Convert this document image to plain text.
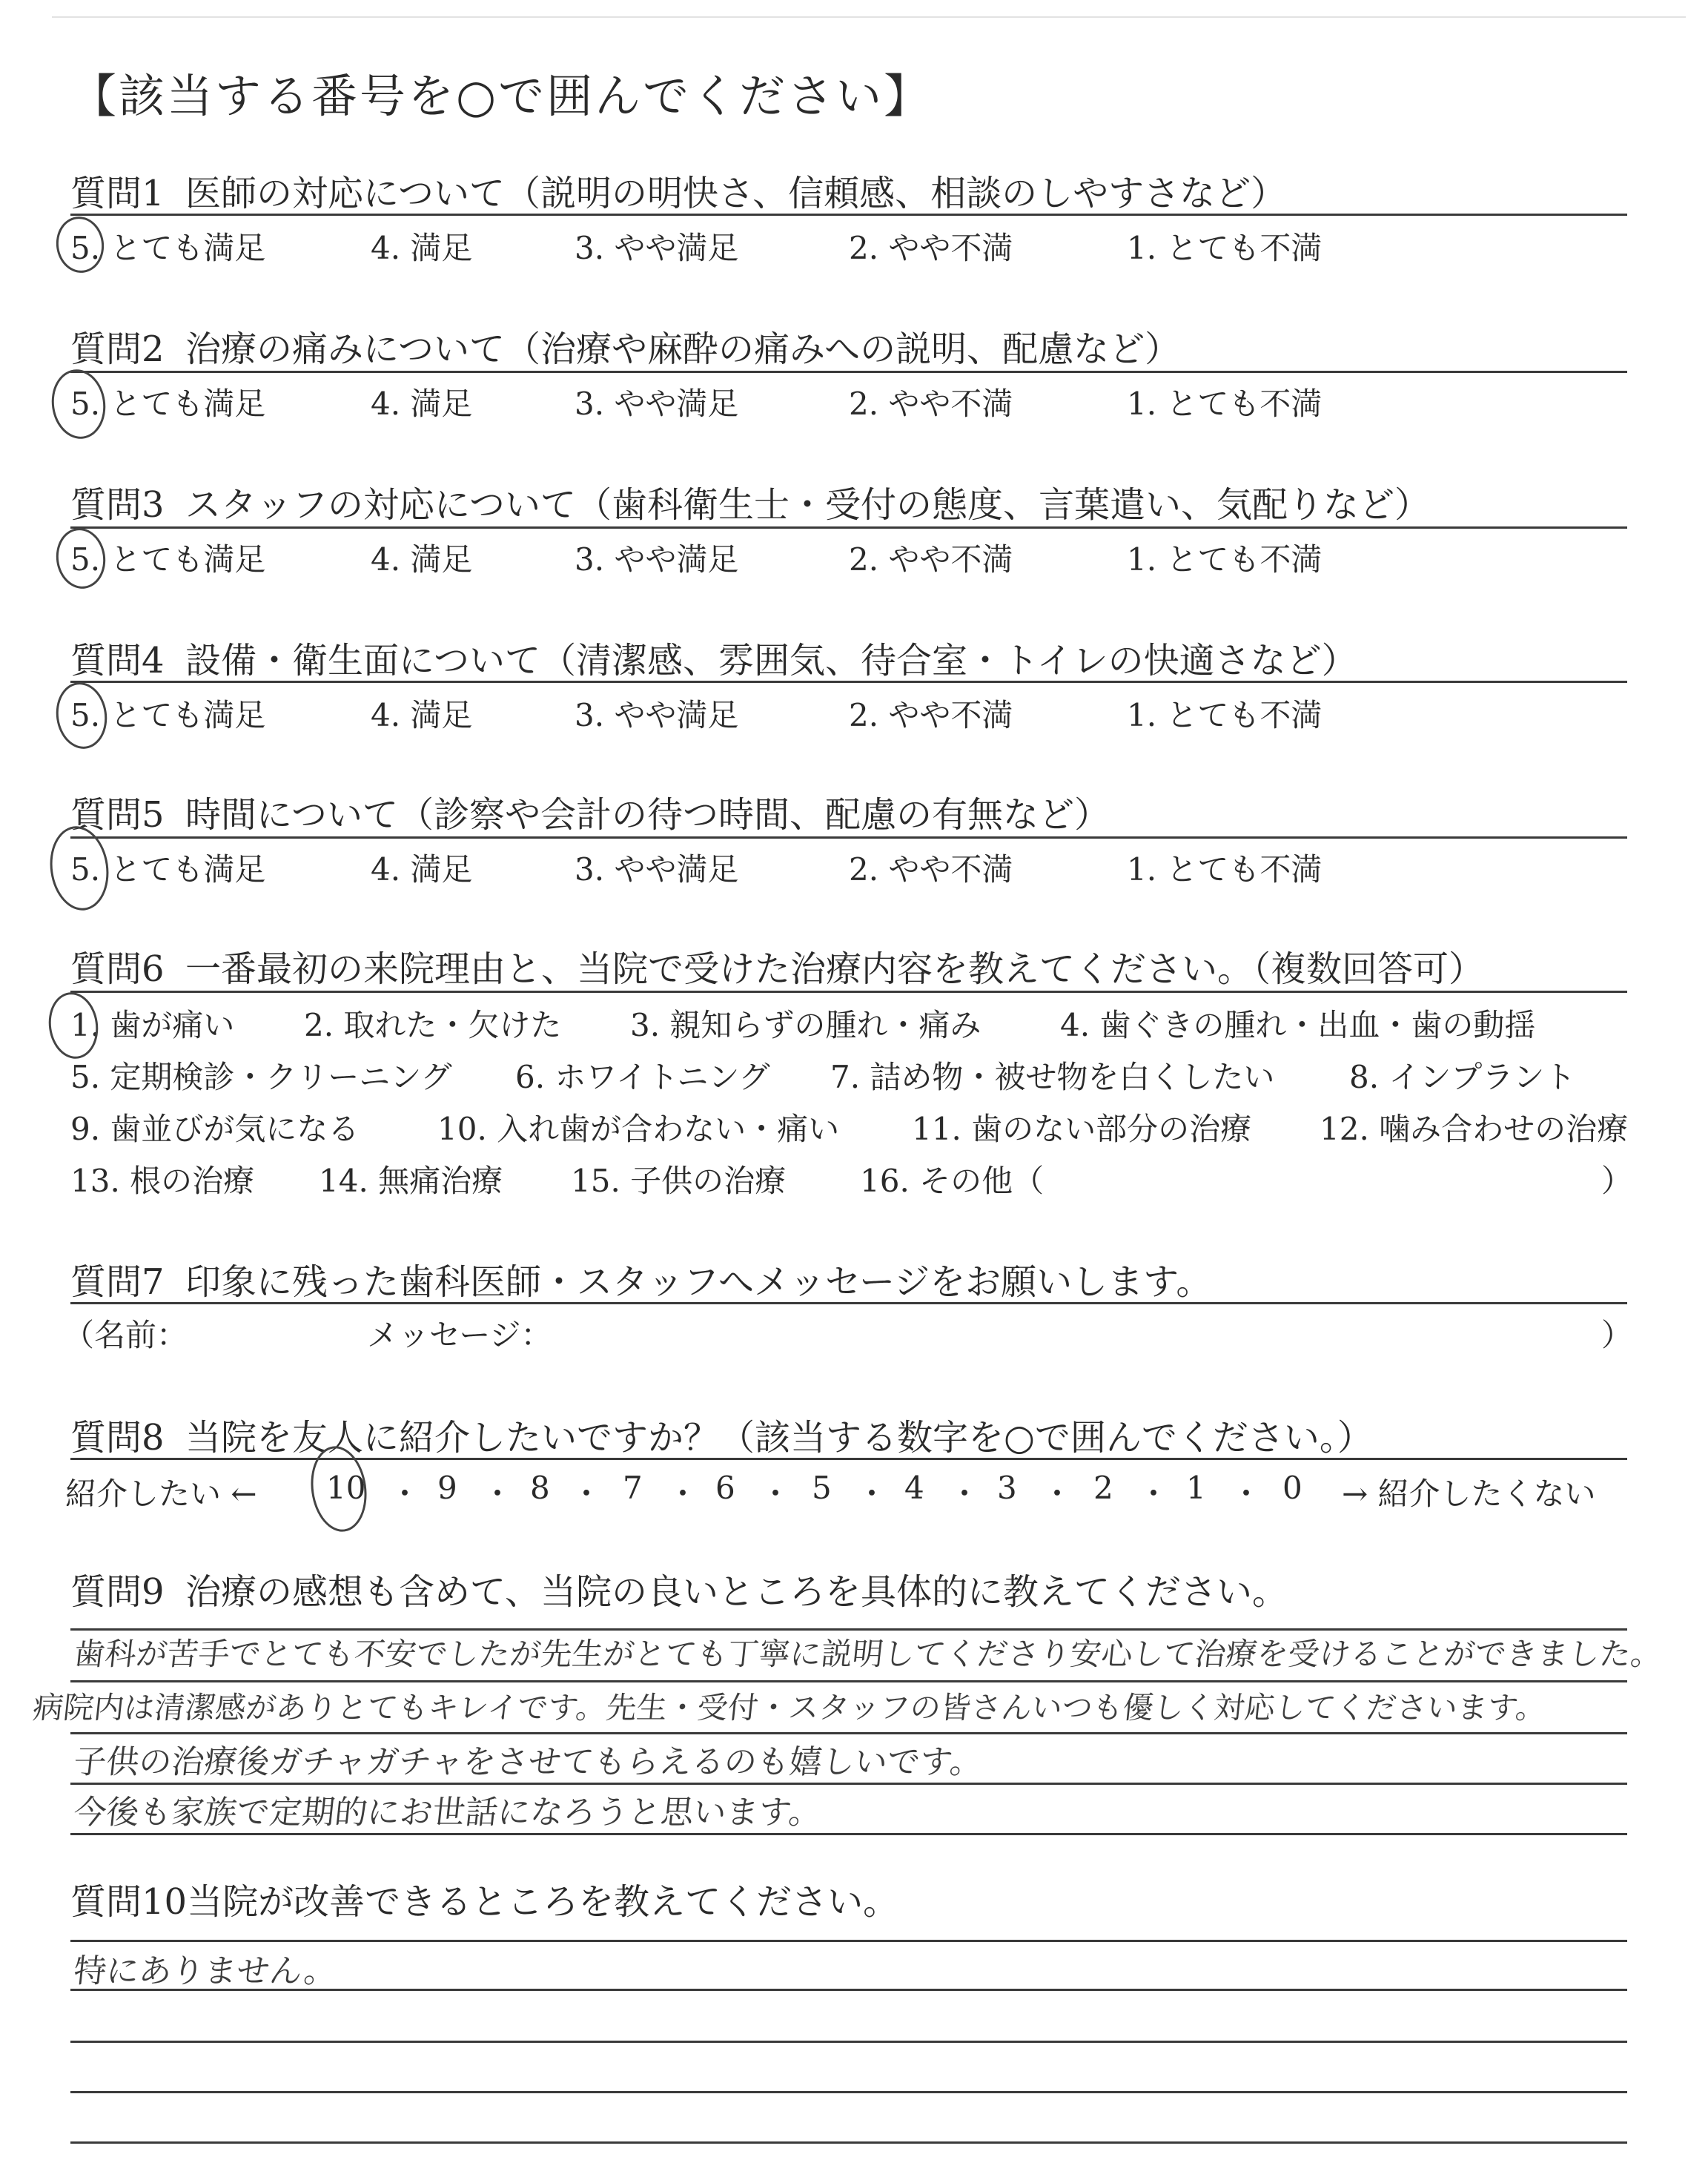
【該当する番号を○で囲んでください】
質問1 医師の対応について（説明の明快さ、信頼感、相談のしやすさなど）
5. とても満足	4. 満足	3. やや満足	2. やや不満	1. とても不満
質問2 治療の痛みについて（治療や麻酔の痛みへの説明、配慮など）
5. とても満足	4. 満足	3. やや満足	2. やや不満	1. とても不満
質問3 スタッフの対応について（歯科衛生士・受付の態度、言葉遣い、気配りなど）
5. とても満足	4. 満足	3. やや満足	2. やや不満	1. とても不満
質問4 設備・衛生面について（清潔感、雰囲気、待合室・トイレの快適さなど）
5. とても満足	4. 満足	3. やや満足	2. やや不満	1. とても不満
質問5 時間について（診察や会計の待つ時間、配慮の有無など）
5. とても満足	4. 満足	3. やや満足	2. やや不満	1. とても不満
質問6 一番最初の来院理由と、当院で受けた治療内容を教えてください。（複数回答可）
1. 歯が痛い 2. 取れた・欠けた 3. 親知らずの腫れ・痛み	4. 歯ぐきの腫れ・出血・歯の動揺
5. 定期検診・クリーニング 6. ホワイトニング 7. 詰め物・被せ物を白くしたい 8. インプラント
9. 歯並びが気になる	10. 入れ歯が合わない・痛い 11. 歯のない部分の治療 12. 噛み合わせの治療
13. 根の治療 14. 無痛治療 15. 子供の治療 16. その他（	）
質問7 印象に残った歯科医師・スタッフへメッセージをお願いします。
（名前：	メッセージ：	）
質問8 当院を友人に紹介したいですか？（該当する数字を○で囲んでください。）
紹介したい ← 10 ・ 9 ・ 8 ・ 7 ・ 6 ・ 5 ・ 4 ・ 3 ・ 2 ・ 1 ・ 0 → 紹介したくない
質問9 治療の感想も含めて、当院の良いところを具体的に教えてください。
歯科が苦手でとても不安でしたが先生がとても丁寧に説明してくださり安心して治療を受けることができました。
病院内は清潔感がありとてもキレイです。先生・受付・スタッフの皆さんいつも優しく対応してくださいます。
子供の治療後ガチャガチャをさせてもらえるのも嬉しいです。
今後も家族で定期的にお世話になろうと思います。
質問10当院が改善できるところを教えてください。
特にありません。
